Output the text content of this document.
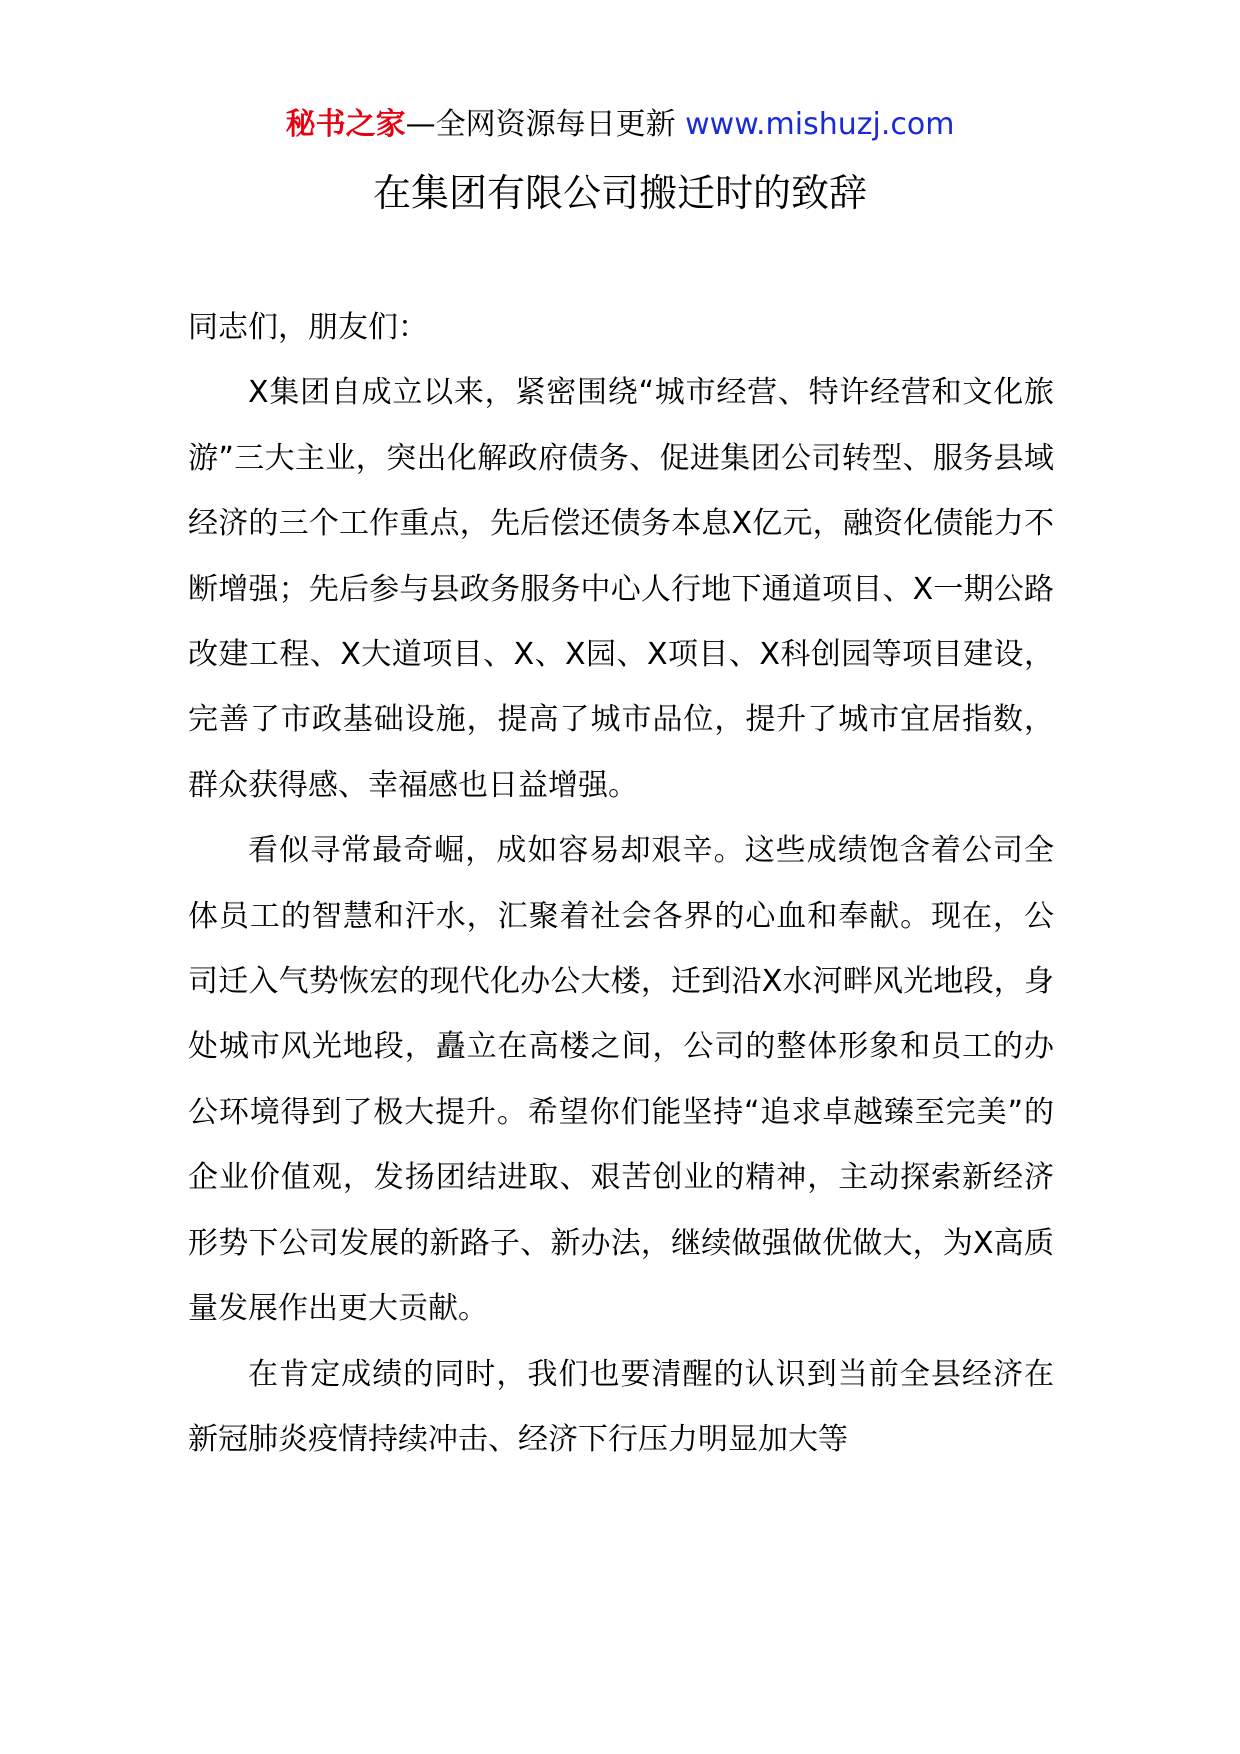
秘书之家—全网资源每日更新 www.mishuzj.com
在集团有限公司搬迁时的致辞

同志们，朋友们：

X集团自成立以来，紧密围绕“城市经营、特许经营和文化旅游”三大主业，突出化解政府债务、促进集团公司转型、服务县域经济的三个工作重点，先后偿还债务本息X亿元，融资化债能力不断增强；先后参与县政务服务中心人行地下通道项目、X一期公路改建工程、X大道项目、X、X园、X项目、X科创园等项目建设，完善了市政基础设施，提高了城市品位，提升了城市宜居指数，群众获得感、幸福感也日益增强。

看似寻常最奇崛，成如容易却艰辛。这些成绩饱含着公司全体员工的智慧和汗水，汇聚着社会各界的心血和奉献。现在，公司迁入气势恢宏的现代化办公大楼，迁到沿X水河畔风光地段，身处城市风光地段，矗立在高楼之间，公司的整体形象和员工的办公环境得到了极大提升。希望你们能坚持“追求卓越臻至完美”的企业价值观，发扬团结进取、艰苦创业的精神，主动探索新经济形势下公司发展的新路子、新办法，继续做强做优做大，为X高质量发展作出更大贡献。

在肯定成绩的同时，我们也要清醒的认识到当前全县经济在新冠肺炎疫情持续冲击、经济下行压力明显加大等
